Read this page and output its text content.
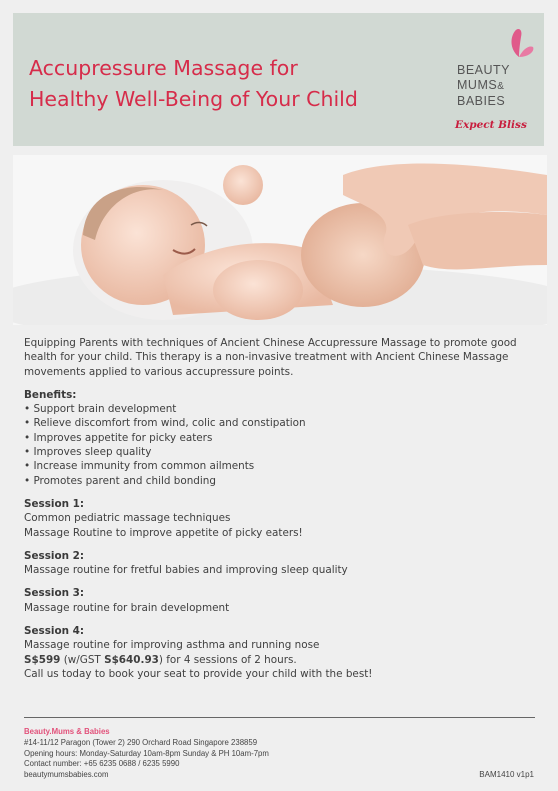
Accupressure Massage for
Healthy Well-Being of Your Child
BEAUTY
MUMS&
BABIES
Expect Bliss

Equipping Parents with techniques of Ancient Chinese Accupressure Massage to promote good health for your child. This therapy is a non-invasive treatment with Ancient Chinese Massage movements applied to various accupressure points.

Benefits:

• Support brain development
• Relieve discomfort from wind, colic and constipation
• Improves appetite for picky eaters
• Improves sleep quality
• Increase immunity from common ailments
• Promotes parent and child bonding

Session 1:

Common pediatric massage techniques

Massage Routine to improve appetite of picky eaters!

Session 2:

Massage routine for fretful babies and improving sleep quality

Session 3:

Massage routine for brain development

Session 4:

Massage routine for improving asthma and running nose

S$599 (w/GST S$640.93) for 4 sessions of 2 hours.

Call us today to book your seat to provide your child with the best!

Beauty.Mums & Babies
#14-11/12 Paragon (Tower 2) 290 Orchard Road Singapore 238859
Opening hours: Monday-Saturday 10am-8pm Sunday & PH 10am-7pm
Contact number: +65 6235 0688 / 6235 5990
beautymumsbabies.com	BAM1410 v1p1
